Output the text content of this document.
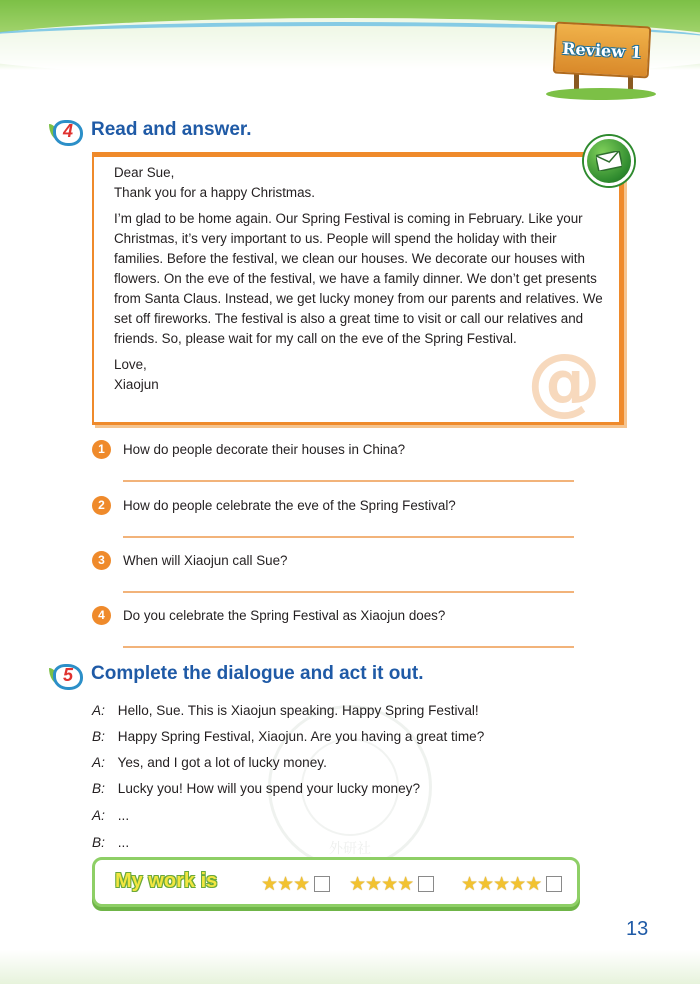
Review 1
4 Read and answer.
@

Dear Sue,

Thank you for a happy Christmas.

I’m glad to be home again. Our Spring Festival is coming in February. Like your Christmas, it’s very important to us. People will spend the holiday with their families. Before the festival, we clean our houses. We decorate our houses with flowers. On the eve of the festival, we have a family dinner. We don’t get presents from Santa Claus. Instead, we get lucky money from our parents and relatives. We set off fireworks. The festival is also a great time to visit or call our relatives and friends. So, please wait for my call on the eve of the Spring Festival.

Love,

Xiaojun

1	How do people decorate their houses in China?
2	How do people celebrate the eve of the Spring Festival?
3	When will Xiaojun call Sue?
4	Do you celebrate the Spring Festival as Xiaojun does?
5 Complete the dialogue and act it out.
外研社
A: Hello, Sue. This is Xiaojun speaking. Happy Spring Festival!
B: Happy Spring Festival, Xiaojun. Are you having a great time?
A: Yes, and I got a lot of lucky money.
B: Lucky you! How will you spend your lucky money?
A: ...
B: ...
My work is ★ ★ ★ ★ ★ ★ ★ ★ ★ ★ ★ ★
13
